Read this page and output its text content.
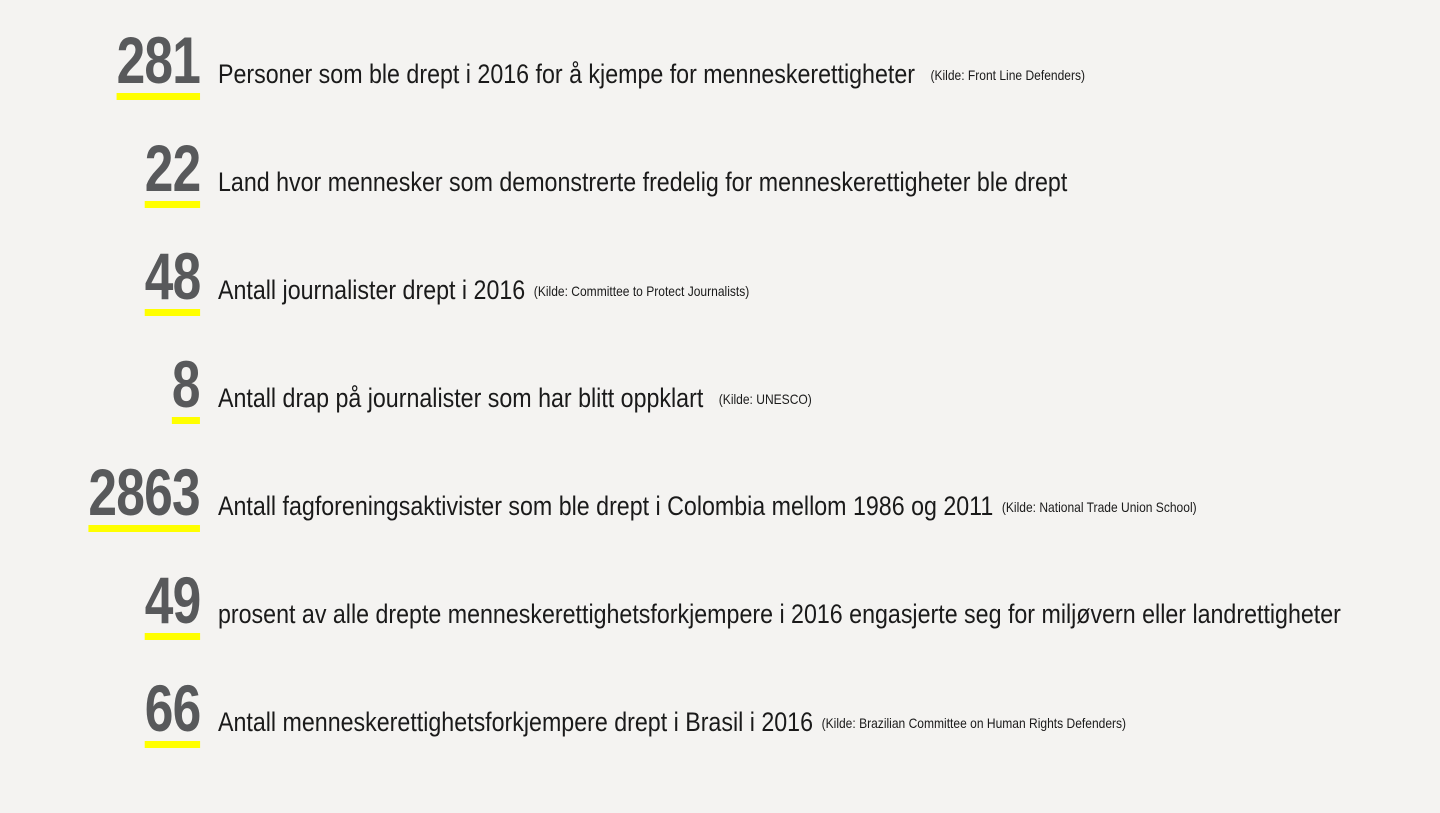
281 Personer som ble drept i 2016 for å kjempe for menneskerettigheter (Kilde: Front Line Defenders)
22 Land hvor mennesker som demonstrerte fredelig for menneskerettigheter ble drept
48 Antall journalister drept i 2016 (Kilde: Committee to Protect Journalists)
8 Antall drap på journalister som har blitt oppklart (Kilde: UNESCO)
2863 Antall fagforeningsaktivister som ble drept i Colombia mellom 1986 og 2011 (Kilde: National Trade Union School)
49 prosent av alle drepte menneskerettighetsforkjempere i 2016 engasjerte seg for miljøvern eller landrettigheter
66 Antall menneskerettighetsforkjempere drept i Brasil i 2016 (Kilde: Brazilian Committee on Human Rights Defenders)
